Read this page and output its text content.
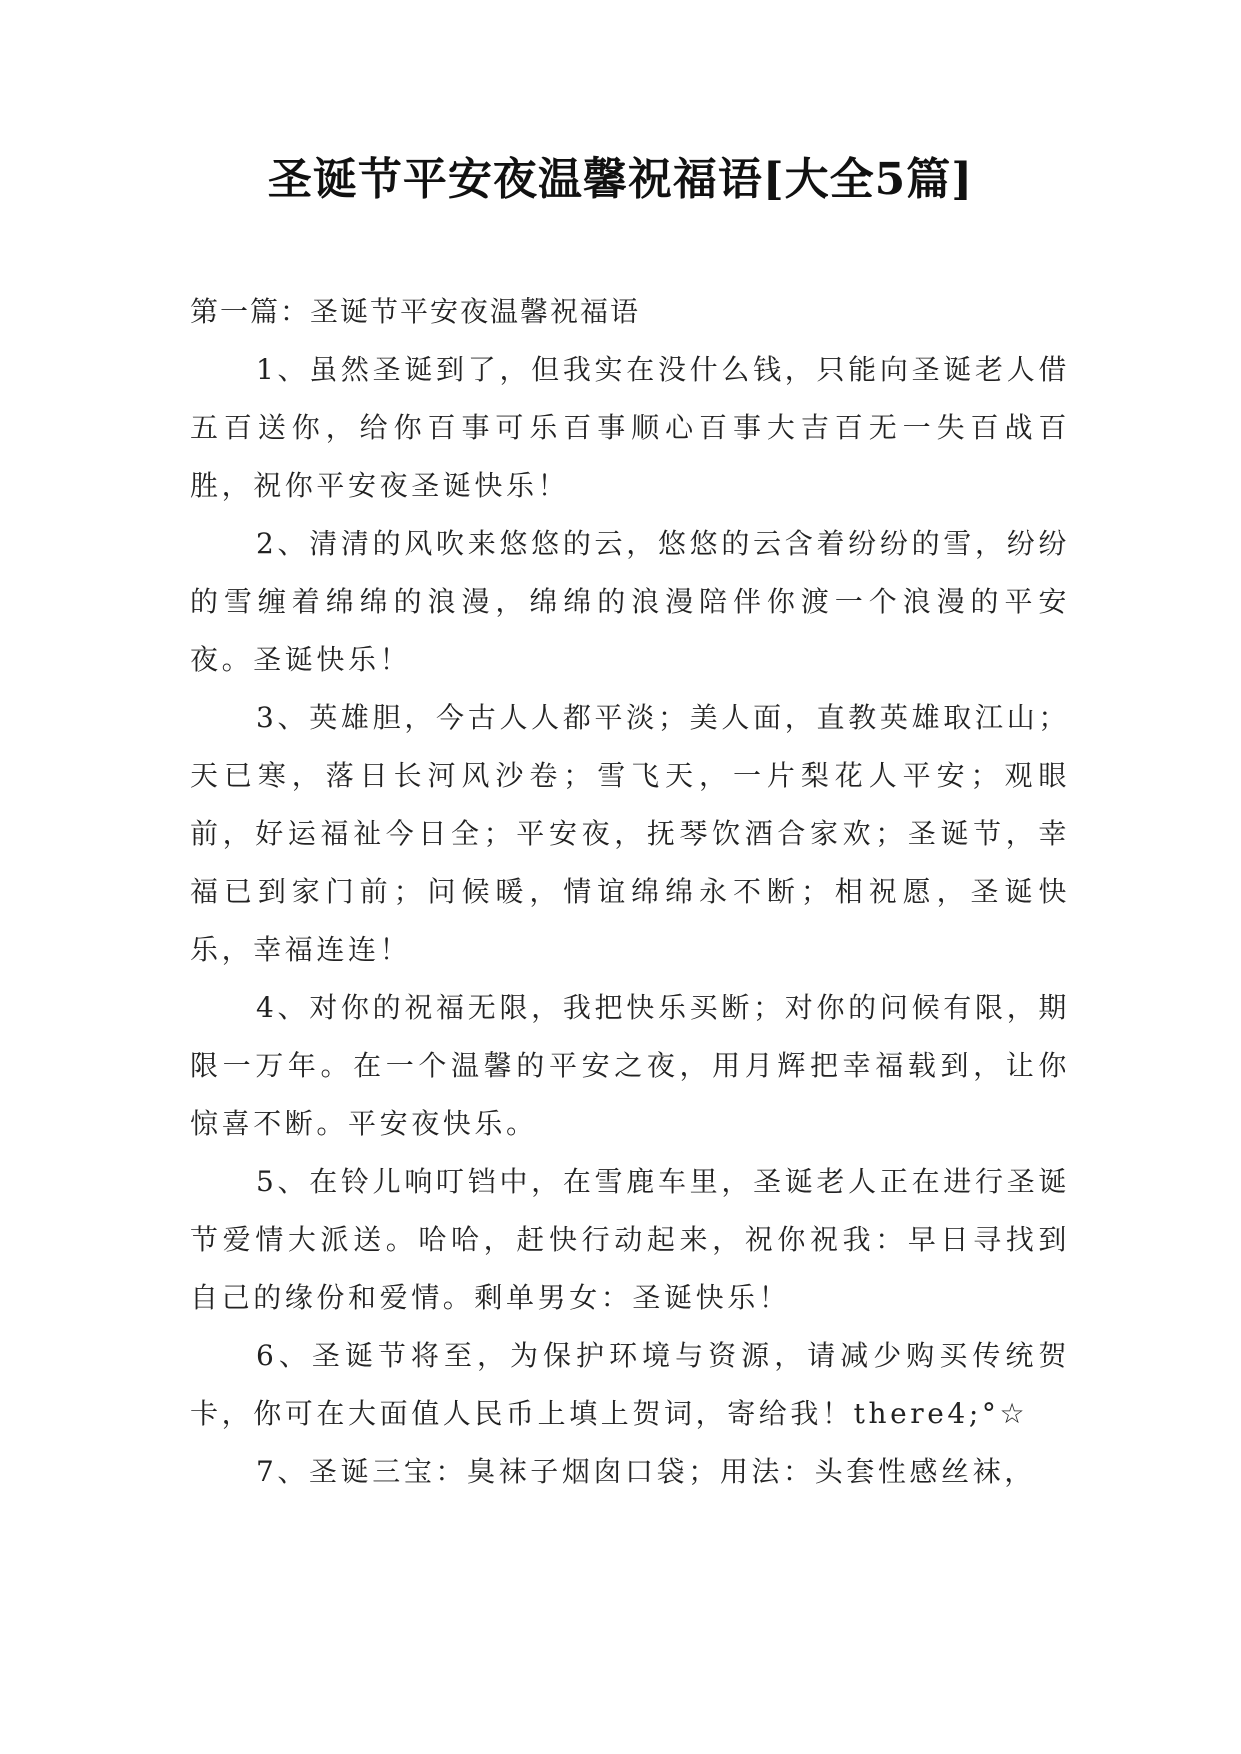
圣诞节平安夜温馨祝福语[大全5篇]

第一篇：圣诞节平安夜温馨祝福语

1、虽然圣诞到了，但我实在没什么钱，只能向圣诞老人借五百送你，给你百事可乐百事顺心百事大吉百无一失百战百胜，祝你平安夜圣诞快乐！

2、清清的风吹来悠悠的云，悠悠的云含着纷纷的雪，纷纷的雪缠着绵绵的浪漫，绵绵的浪漫陪伴你渡一个浪漫的平安夜。圣诞快乐！

3、英雄胆，今古人人都平淡；美人面，直教英雄取江山；天已寒，落日长河风沙卷；雪飞天，一片梨花人平安；观眼前，好运福祉今日全；平安夜，抚琴饮酒合家欢；圣诞节，幸福已到家门前；问候暖，情谊绵绵永不断；相祝愿，圣诞快乐，幸福连连！

4、对你的祝福无限，我把快乐买断；对你的问候有限，期限一万年。在一个温馨的平安之夜，用月辉把幸福载到，让你惊喜不断。平安夜快乐。

5、在铃儿响叮铛中，在雪鹿车里，圣诞老人正在进行圣诞节爱情大派送。哈哈，赶快行动起来，祝你祝我：早日寻找到自己的缘份和爱情。剩单男女：圣诞快乐！

6、圣诞节将至，为保护环境与资源，请减少购买传统贺卡，你可在大面值人民币上填上贺词，寄给我！there4;°☆

7、圣诞三宝：臭袜子烟囱口袋；用法：头套性感丝袜，
